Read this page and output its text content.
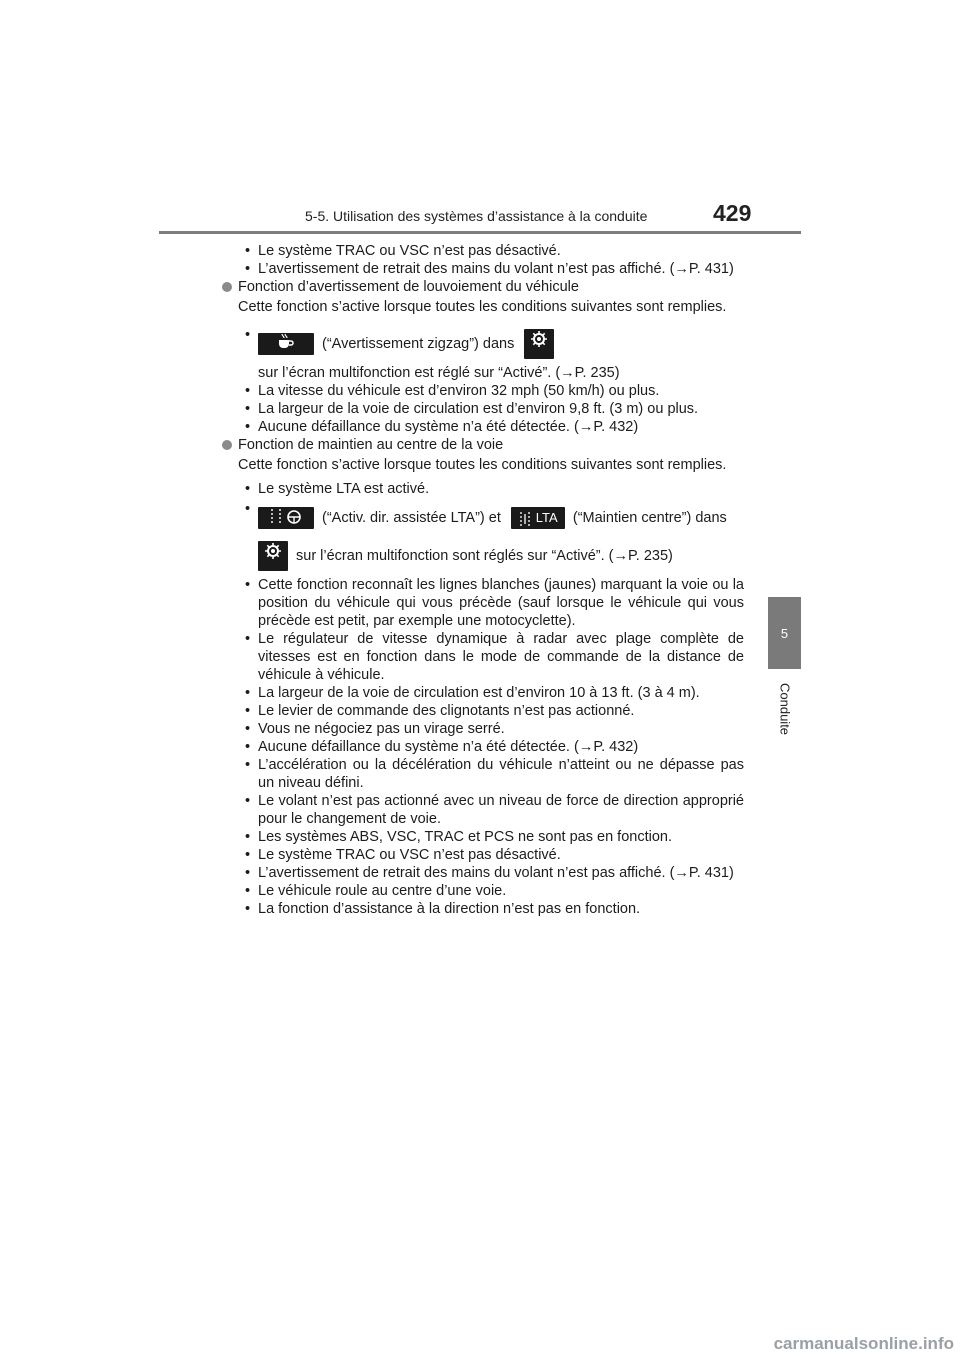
5-5. Utilisation des systèmes d’assistance à la conduite	429
5
Conduite
• Le système TRAC ou VSC n’est pas désactivé.
• L’avertissement de retrait des mains du volant n’est pas affiché. (→P. 431)
Fonction d’avertissement de louvoiement du véhicule
Cette fonction s’active lorsque toutes les conditions suivantes sont remplies.
• (“Avertissement zigzag”) dans
sur l’écran multifonction est réglé sur “Activé”. (→P. 235)
• La vitesse du véhicule est d’environ 32 mph (50 km/h) ou plus.
• La largeur de la voie de circulation est d’environ 9,8 ft. (3 m) ou plus.
• Aucune défaillance du système n’a été détectée. (→P. 432)
Fonction de maintien au centre de la voie
Cette fonction s’active lorsque toutes les conditions suivantes sont remplies.
• Le système LTA est activé.
• (“Activ. dir. assistée LTA”) et	LTA	(“Maintien centre”) dans
sur l’écran multifonction sont réglés sur “Activé”. (→P. 235)
• Cette fonction reconnaît les lignes blanches (jaunes) marquant la voie ou la position du véhicule qui vous précède (sauf lorsque le véhicule qui vous précède est petit, par exemple une motocyclette).
• Le régulateur de vitesse dynamique à radar avec plage complète de vitesses est en fonction dans le mode de commande de la distance de véhicule à véhicule.
• La largeur de la voie de circulation est d’environ 10 à 13 ft. (3 à 4 m).
• Le levier de commande des clignotants n’est pas actionné.
• Vous ne négociez pas un virage serré.
• Aucune défaillance du système n’a été détectée. (→P. 432)
• L’accélération ou la décélération du véhicule n’atteint ou ne dépasse pas un niveau défini.
• Le volant n’est pas actionné avec un niveau de force de direction approprié pour le changement de voie.
• Les systèmes ABS, VSC, TRAC et PCS ne sont pas en fonction.
• Le système TRAC ou VSC n’est pas désactivé.
• L’avertissement de retrait des mains du volant n’est pas affiché. (→P. 431)
• Le véhicule roule au centre d’une voie.
• La fonction d’assistance à la direction n’est pas en fonction.
carmanualsonline.info
